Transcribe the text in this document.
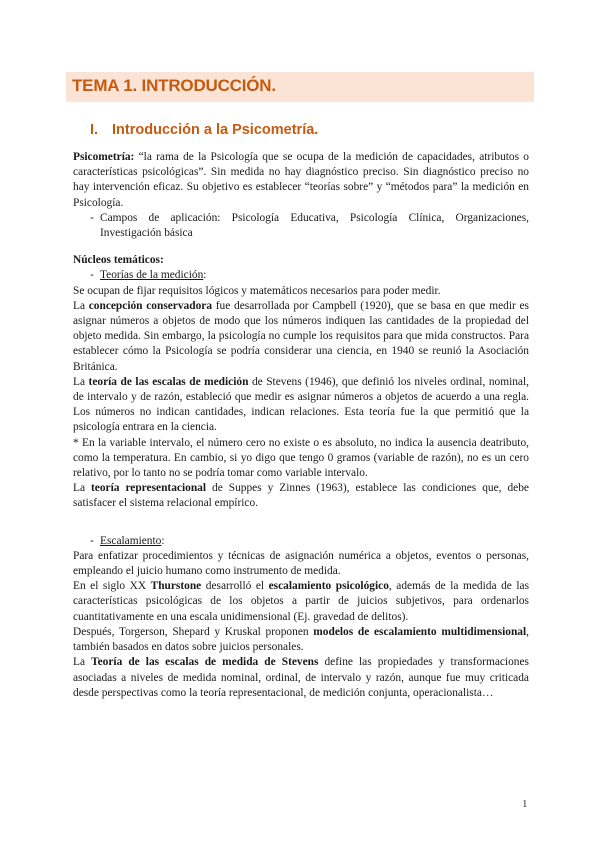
TEMA 1. INTRODUCCIÓN.
I. Introducción a la Psicometría.

Psicometría: “la rama de la Psicología que se ocupa de la medición de capacidades, atributos o características psicológicas”. Sin medida no hay diagnóstico preciso. Sin diagnóstico preciso no hay intervención eficaz. Su objetivo es establecer “teorías sobre” y “métodos para” la medición en Psicología.

- Campos de aplicación: Psicología Educativa, Psicología Clínica, Organizaciones, Investigación básica

Núcleos temáticos:

- Teorías de la medición:

Se ocupan de fijar requisitos lógicos y matemáticos necesarios para poder medir.

La concepción conservadora fue desarrollada por Campbell (1920), que se basa en que medir es asignar números a objetos de modo que los números indiquen las cantidades de la propiedad del objeto medida. Sin embargo, la psicología no cumple los requisitos para que mida constructos. Para establecer cómo la Psicología se podría considerar una ciencia, en 1940 se reunió la Asociación Británica.

La teoría de las escalas de medición de Stevens (1946), que definió los niveles ordinal, nominal, de intervalo y de razón, estableció que medir es asignar números a objetos de acuerdo a una regla. Los números no indican cantidades, indican relaciones. Esta teoría fue la que permitió que la psicología entrara en la ciencia.

* En la variable intervalo, el número cero no existe o es absoluto, no indica la ausencia deatributo, como la temperatura. En cambio, si yo digo que tengo 0 gramos (variable de razón), no es un cero relativo, por lo tanto no se podría tomar como variable intervalo.

La teoría representacional de Suppes y Zinnes (1963), establece las condiciones que, debe satisfacer el sistema relacional empírico.

- Escalamiento:

Para enfatizar procedimientos y técnicas de asignación numérica a objetos, eventos o personas, empleando el juicio humano como instrumento de medida.

En el siglo XX Thurstone desarrolló el escalamiento psicológico, además de la medida de las características psicológicas de los objetos a partir de juicios subjetivos, para ordenarlos cuantitativamente en una escala unidimensional (Ej. gravedad de delitos).

Después, Torgerson, Shepard y Kruskal proponen modelos de escalamiento multidimensional, también basados en datos sobre juicios personales.

La Teoría de las escalas de medida de Stevens define las propiedades y transformaciones asociadas a niveles de medida nominal, ordinal, de intervalo y razón, aunque fue muy criticada desde perspectivas como la teoría representacional, de medición conjunta, operacionalista…

1
